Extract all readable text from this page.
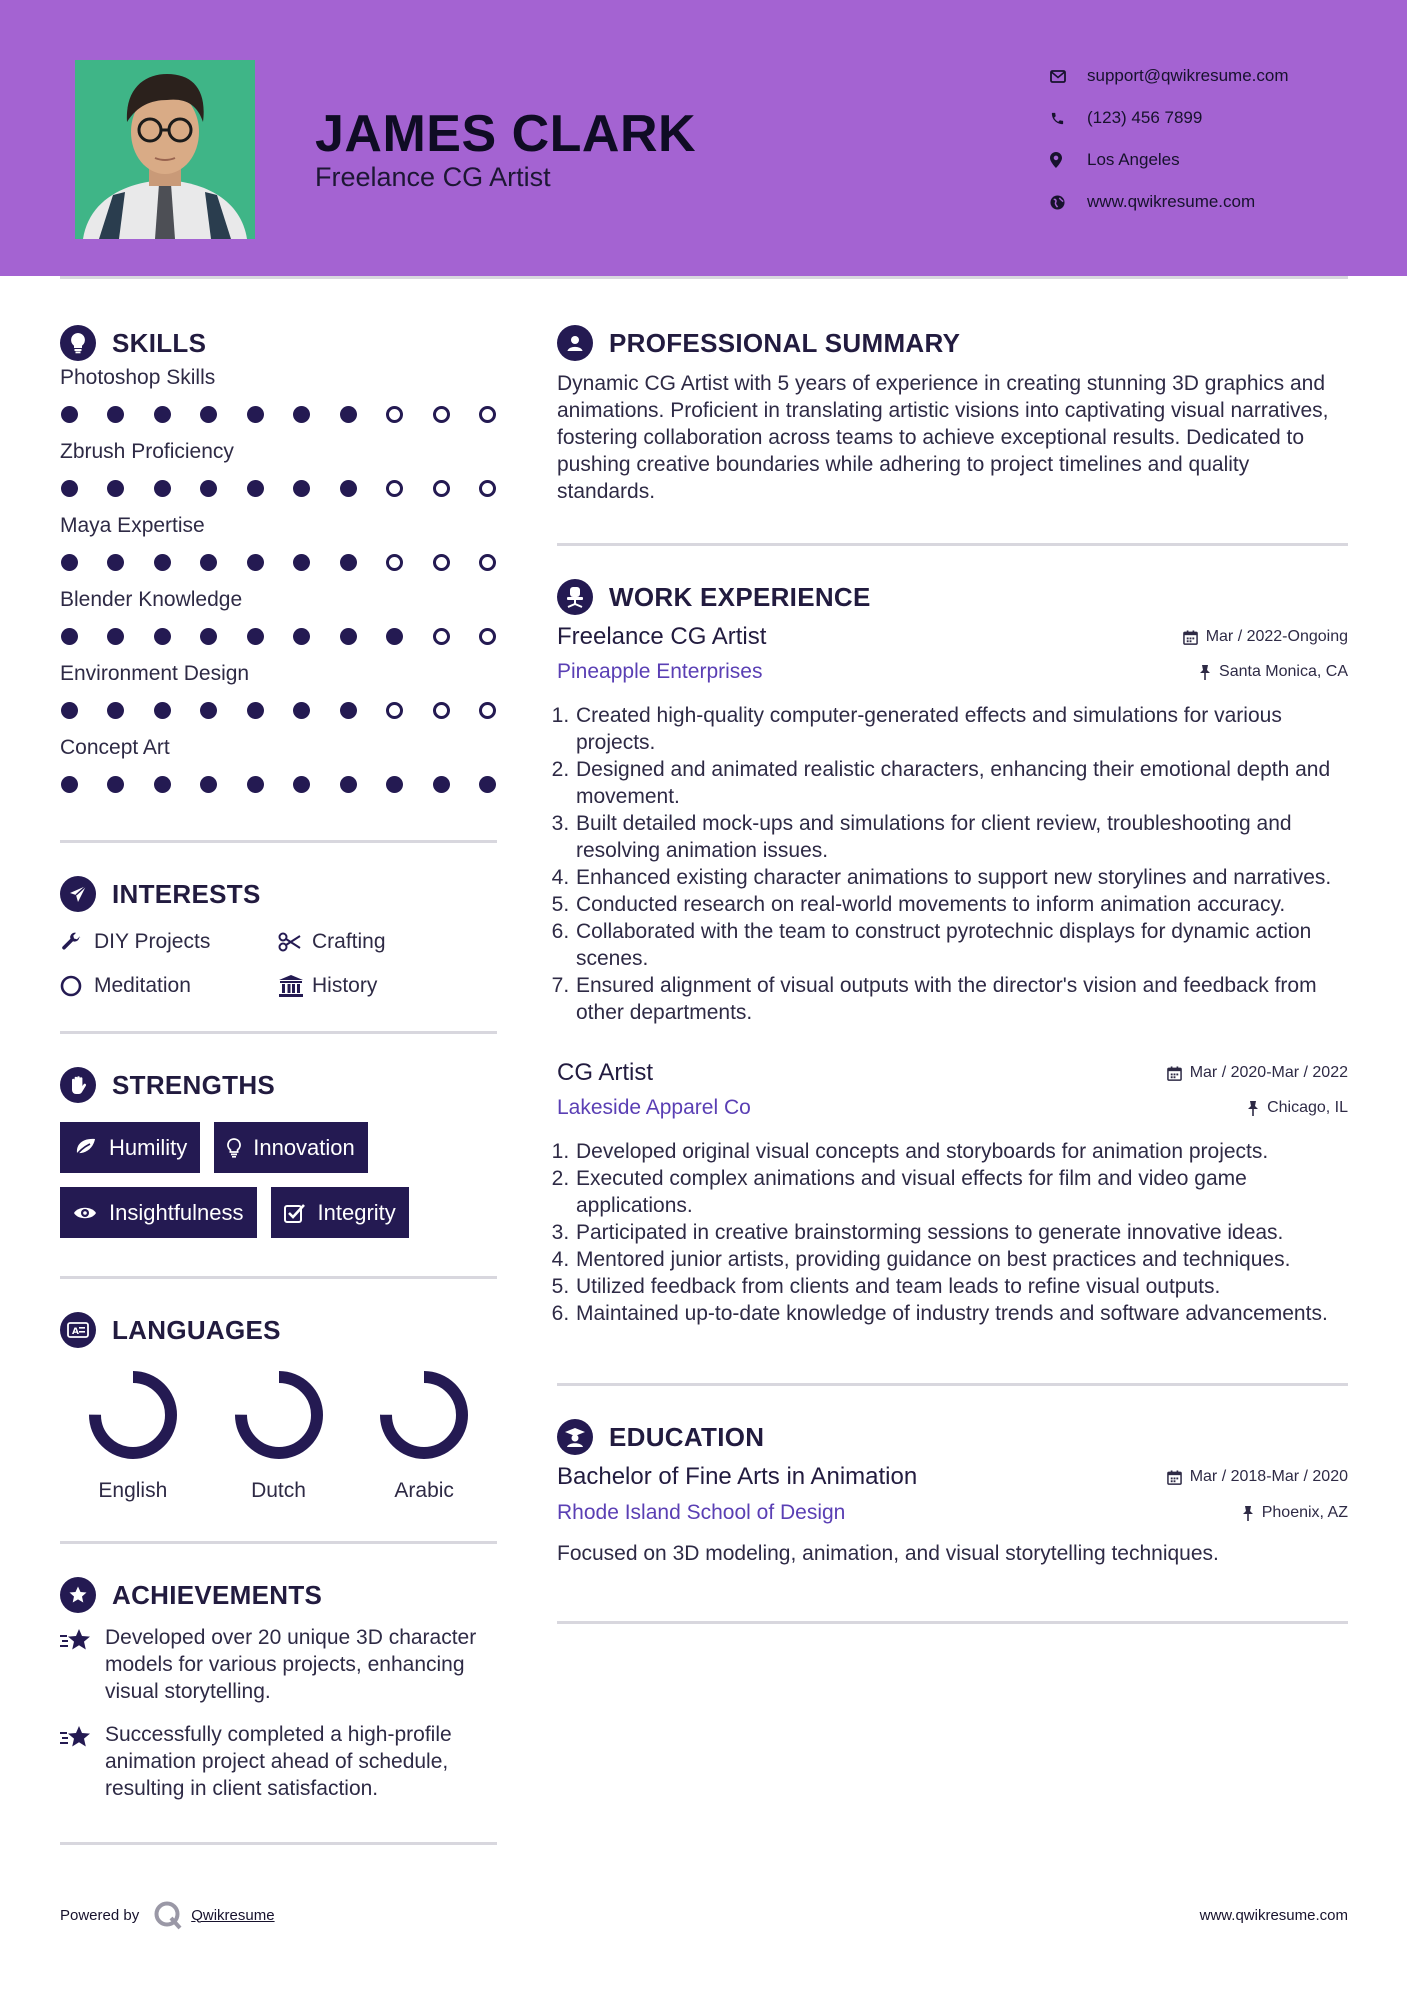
JAMES CLARK
Freelance CG Artist
support@qwikresume.com
(123) 456 7899
Los Angeles
www.qwikresume.com
SKILLS
Photoshop Skills
Zbrush Proficiency
Maya Expertise
Blender Knowledge
Environment Design
Concept Art
INTERESTS
DIY Projects	Crafting
Meditation	History
STRENGTHS
Humility	Innovation
Insightfulness	Integrity
A LANGUAGES
English	Dutch	Arabic
ACHIEVEMENTS
Developed over 20 unique 3D character models for various projects, enhancing visual storytelling.
Successfully completed a high-profile animation project ahead of schedule, resulting in client satisfaction.
PROFESSIONAL SUMMARY

Dynamic CG Artist with 5 years of experience in creating stunning 3D graphics and animations. Proficient in translating artistic visions into captivating visual narratives, fostering collaboration across teams to achieve exceptional results. Dedicated to pushing creative boundaries while adhering to project timelines and quality standards.

WORK EXPERIENCE
Freelance CG Artist	Mar / 2022-Ongoing
Pineapple Enterprises	Santa Monica, CA
1. Created high-quality computer-generated effects and simulations for various projects.
2. Designed and animated realistic characters, enhancing their emotional depth and movement.
3. Built detailed mock-ups and simulations for client review, troubleshooting and resolving animation issues.
4. Enhanced existing character animations to support new storylines and narratives.
5. Conducted research on real-world movements to inform animation accuracy.
6. Collaborated with the team to construct pyrotechnic displays for dynamic action scenes.
7. Ensured alignment of visual outputs with the director's vision and feedback from other departments.
CG Artist	Mar / 2020-Mar / 2022
Lakeside Apparel Co	Chicago, IL
1. Developed original visual concepts and storyboards for animation projects.
2. Executed complex animations and visual effects for film and video game applications.
3. Participated in creative brainstorming sessions to generate innovative ideas.
4. Mentored junior artists, providing guidance on best practices and techniques.
5. Utilized feedback from clients and team leads to refine visual outputs.
6. Maintained up-to-date knowledge of industry trends and software advancements.
EDUCATION
Bachelor of Fine Arts in Animation	Mar / 2018-Mar / 2020
Rhode Island School of Design	Phoenix, AZ

Focused on 3D modeling, animation, and visual storytelling techniques.

Powered by	Qwikresume	www.qwikresume.com
